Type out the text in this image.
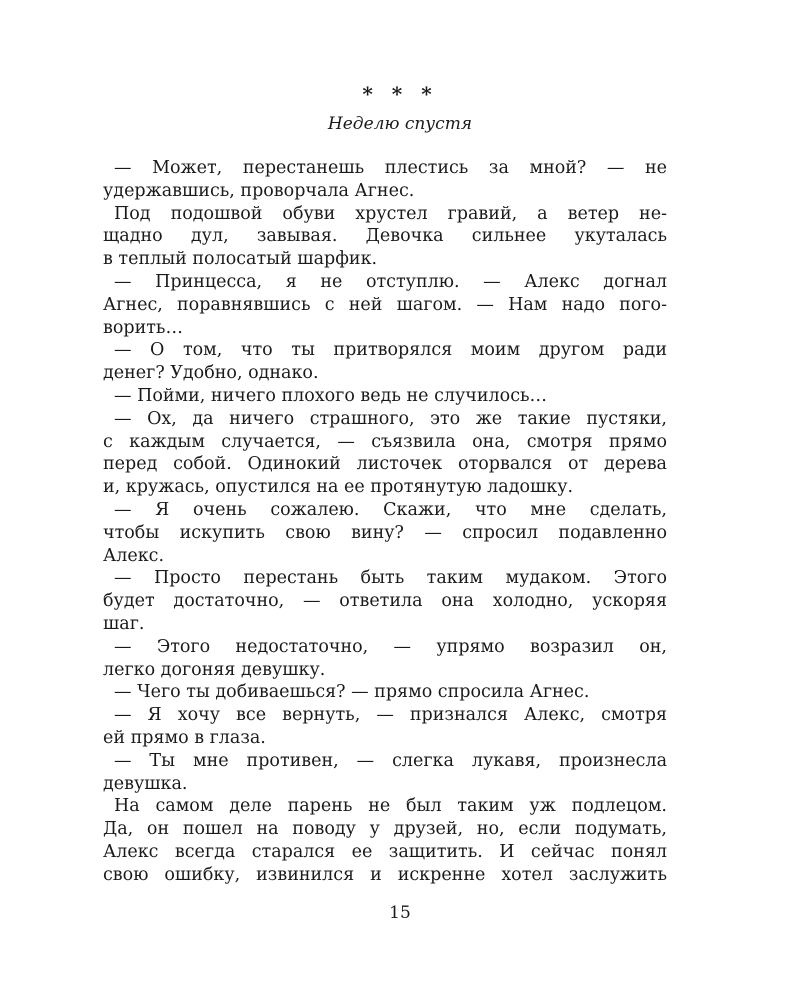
* * *
Неделю спустя
— Может, перестанешь плестись за мной? — не
удержавшись, проворчала Агнес.
Под подошвой обуви хрустел гравий, а ветер не-
щадно дул, завывая. Девочка сильнее укуталась
в теплый полосатый шарфик.
— Принцесса, я не отступлю. — Алекс догнал
Агнес, поравнявшись с ней шагом. — Нам надо пого-
ворить…
— О том, что ты притворялся моим другом ради
денег? Удобно, однако.
— Пойми, ничего плохого ведь не случилось…
— Ох, да ничего страшного, это же такие пустяки,
с каждым случается, — съязвила она, смотря прямо
перед собой. Одинокий листочек оторвался от дерева
и, кружась, опустился на ее протянутую ладошку.
— Я очень сожалею. Скажи, что мне сделать,
чтобы искупить свою вину? — спросил подавленно
Алекс.
— Просто перестань быть таким мудаком. Этого
будет достаточно, — ответила она холодно, ускоряя
шаг.
— Этого недостаточно, — упрямо возразил он,
легко догоняя девушку.
— Чего ты добиваешься? — прямо спросила Агнес.
— Я хочу все вернуть, — признался Алекс, смотря
ей прямо в глаза.
— Ты мне противен, — слегка лукавя, произнесла
девушка.
На самом деле парень не был таким уж подлецом.
Да, он пошел на поводу у друзей, но, если подумать,
Алекс всегда старался ее защитить. И сейчас понял
свою ошибку, извинился и искренне хотел заслужить
15
